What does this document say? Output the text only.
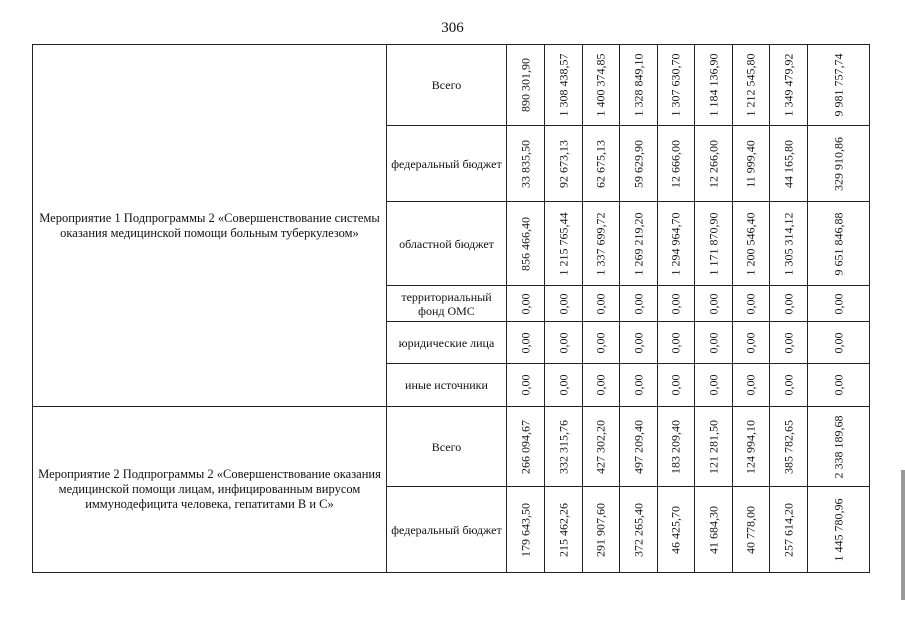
306
Мероприятие 1 Подпрограммы 2 «Совершенствование системы оказания медицинской помощи больным туберкулезом»	Всего	890 301,90	1 308 438,57	1 400 374,85	1 328 849,10	1 307 630,70	1 184 136,90	1 212 545,80	1 349 479,92	9 981 757,74

	федеральный бюджет	33 835,50	92 673,13	62 675,13	59 629,90	12 666,00	12 266,00	11 999,40	44 165,80	329 910,86

	областной бюджет	856 466,40	1 215 765,44	1 337 699,72	1 269 219,20	1 294 964,70	1 171 870,90	1 200 546,40	1 305 314,12	9 651 846,88

	территориальный фонд ОМС	0,00	0,00	0,00	0,00	0,00	0,00	0,00	0,00	0,00

	юридические лица	0,00	0,00	0,00	0,00	0,00	0,00	0,00	0,00	0,00

	иные источники	0,00	0,00	0,00	0,00	0,00	0,00	0,00	0,00	0,00

Мероприятие 2 Подпрограммы 2 «Совершенствование оказания медицинской помощи лицам, инфицированным вирусом иммунодефицита человека, гепатитами В и С»	Всего	266 094,67	332 315,76	427 302,20	497 209,40	183 209,40	121 281,50	124 994,10	385 782,65	2 338 189,68

	федеральный бюджет	179 643,50	215 462,26	291 907,60	372 265,40	46 425,70	41 684,30	40 778,00	257 614,20	1 445 780,96
